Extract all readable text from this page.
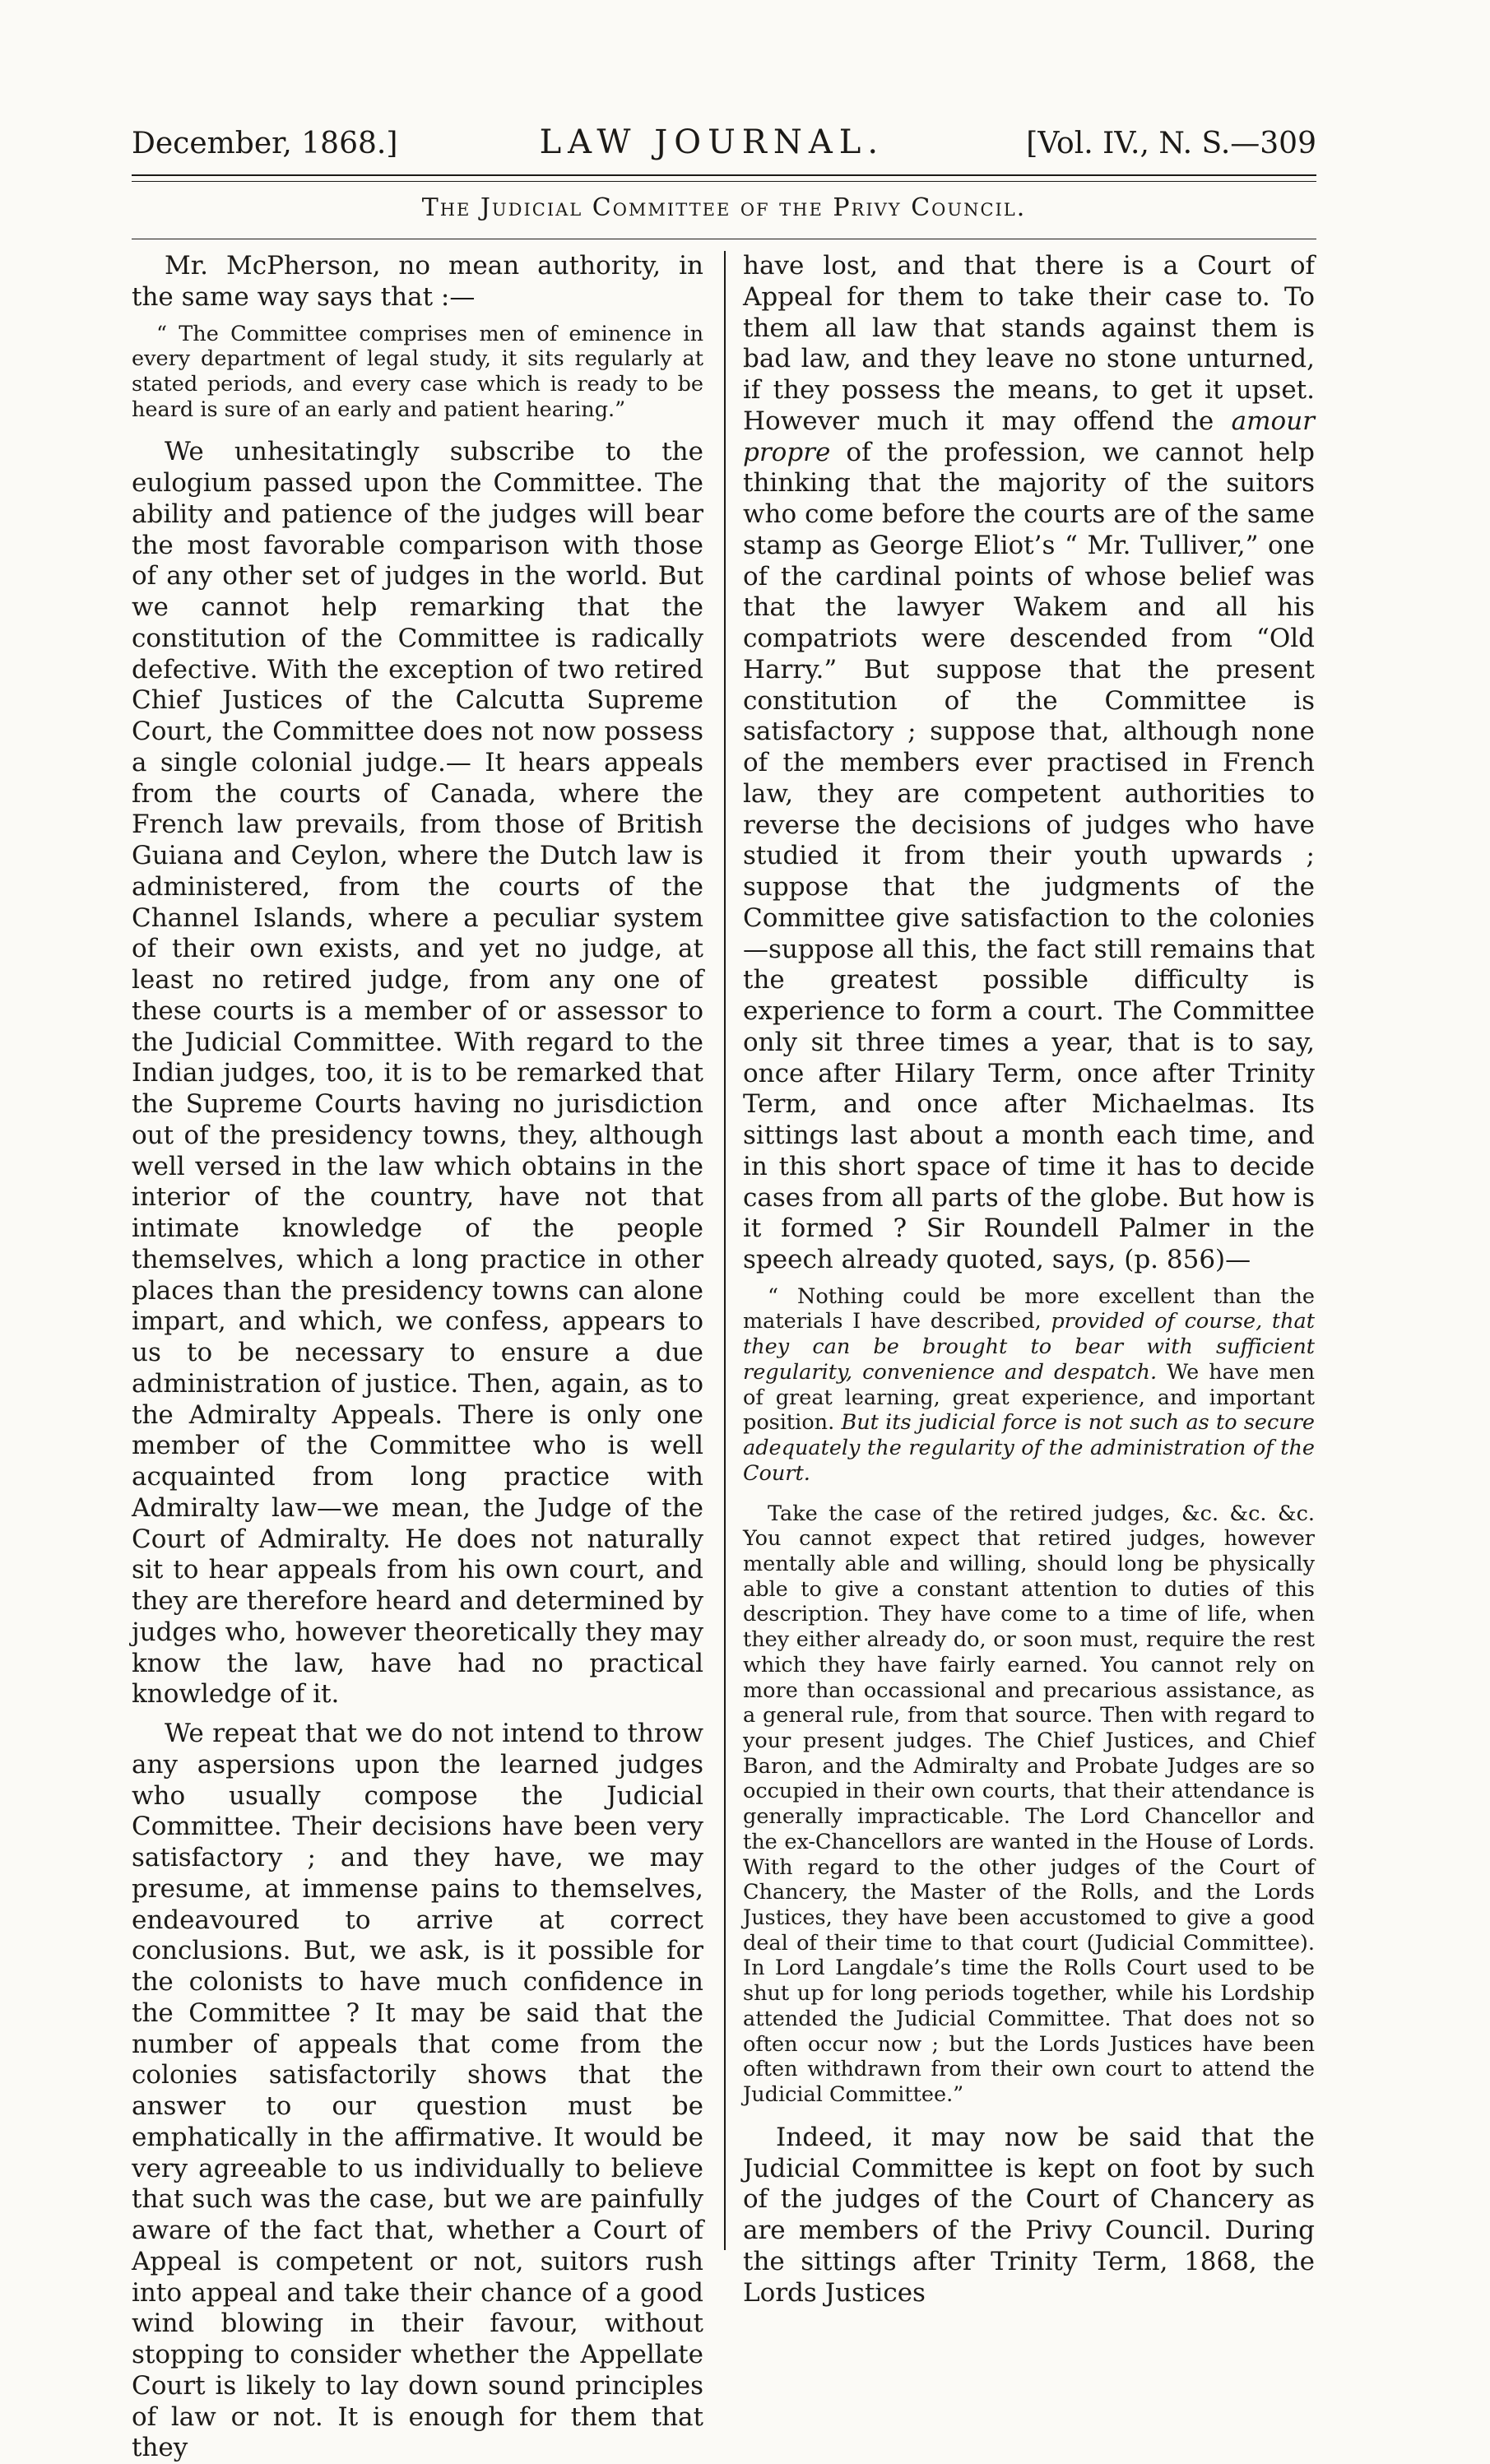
December, 1868.]	LAW JOURNAL.	[Vol. IV., N. S.—309
The Judicial Committee of the Privy Council.

Mr. McPherson, no mean authority, in the same way says that :—

“ The Committee comprises men of eminence in every department of legal study, it sits regularly at stated periods, and every case which is ready to be heard is sure of an early and patient hearing.”

We unhesitatingly subscribe to the eulogium passed upon the Committee. The ability and patience of the judges will bear the most favorable comparison with those of any other set of judges in the world. But we cannot help remarking that the constitution of the Committee is radically defective. With the exception of two retired Chief Justices of the Calcutta Supreme Court, the Committee does not now possess a single colonial judge.— It hears appeals from the courts of Canada, where the French law prevails, from those of British Guiana and Ceylon, where the Dutch law is administered, from the courts of the Channel Islands, where a peculiar system of their own exists, and yet no judge, at least no retired judge, from any one of these courts is a member of or assessor to the Judicial Committee. With regard to the Indian judges, too, it is to be remarked that the Supreme Courts having no jurisdiction out of the presidency towns, they, although well versed in the law which obtains in the interior of the country, have not that intimate knowledge of the people themselves, which a long practice in other places than the presidency towns can alone impart, and which, we confess, appears to us to be necessary to ensure a due administration of justice. Then, again, as to the Admiralty Appeals. There is only one member of the Committee who is well acquainted from long practice with Admiralty law—we mean, the Judge of the Court of Admiralty. He does not naturally sit to hear appeals from his own court, and they are therefore heard and determined by judges who, however theoretically they may know the law, have had no practical knowledge of it.

We repeat that we do not intend to throw any aspersions upon the learned judges who usually compose the Judicial Committee. Their decisions have been very satisfactory ; and they have, we may presume, at immense pains to themselves, endeavoured to arrive at correct conclusions. But, we ask, is it possible for the colonists to have much confidence in the Committee ? It may be said that the number of appeals that come from the colonies satisfactorily shows that the answer to our question must be emphatically in the affirmative. It would be very agreeable to us individually to believe that such was the case, but we are painfully aware of the fact that, whether a Court of Appeal is competent or not, suitors rush into appeal and take their chance of a good wind blowing in their favour, without stopping to consider whether the Appellate Court is likely to lay down sound principles of law or not. It is enough for them that they

have lost, and that there is a Court of Appeal for them to take their case to. To them all law that stands against them is bad law, and they leave no stone unturned, if they possess the means, to get it upset. However much it may offend the amour propre of the profession, we cannot help thinking that the majority of the suitors who come before the courts are of the same stamp as George Eliot’s “ Mr. Tulliver,” one of the cardinal points of whose belief was that the lawyer Wakem and all his compatriots were descended from “Old Harry.” But suppose that the present constitution of the Committee is satisfactory ; suppose that, although none of the members ever practised in French law, they are competent authorities to reverse the decisions of judges who have studied it from their youth upwards ; suppose that the judgments of the Committee give satisfaction to the colonies—suppose all this, the fact still remains that the greatest possible difficulty is experience to form a court. The Committee only sit three times a year, that is to say, once after Hilary Term, once after Trinity Term, and once after Michaelmas. Its sittings last about a month each time, and in this short space of time it has to decide cases from all parts of the globe. But how is it formed ? Sir Roundell Palmer in the speech already quoted, says, (p. 856)—

“ Nothing could be more excellent than the materials I have described, provided of course, that they can be brought to bear with sufficient regularity, convenience and despatch. We have men of great learning, great experience, and important position. But its judicial force is not such as to secure adequately the regularity of the administration of the Court.

Take the case of the retired judges, &c. &c. &c. You cannot expect that retired judges, however mentally able and willing, should long be physically able to give a constant attention to duties of this description. They have come to a time of life, when they either already do, or soon must, require the rest which they have fairly earned. You cannot rely on more than occassional and precarious assistance, as a general rule, from that source. Then with regard to your present judges. The Chief Justices, and Chief Baron, and the Admiralty and Probate Judges are so occupied in their own courts, that their attendance is generally impracticable. The Lord Chancellor and the ex-Chancellors are wanted in the House of Lords. With regard to the other judges of the Court of Chancery, the Master of the Rolls, and the Lords Justices, they have been accustomed to give a good deal of their time to that court (Judicial Committee). In Lord Langdale’s time the Rolls Court used to be shut up for long periods together, while his Lordship attended the Judicial Committee. That does not so often occur now ; but the Lords Justices have been often withdrawn from their own court to attend the Judicial Committee.”

Indeed, it may now be said that the Judicial Committee is kept on foot by such of the judges of the Court of Chancery as are members of the Privy Council. During the sittings after Trinity Term, 1868, the Lords Justices
